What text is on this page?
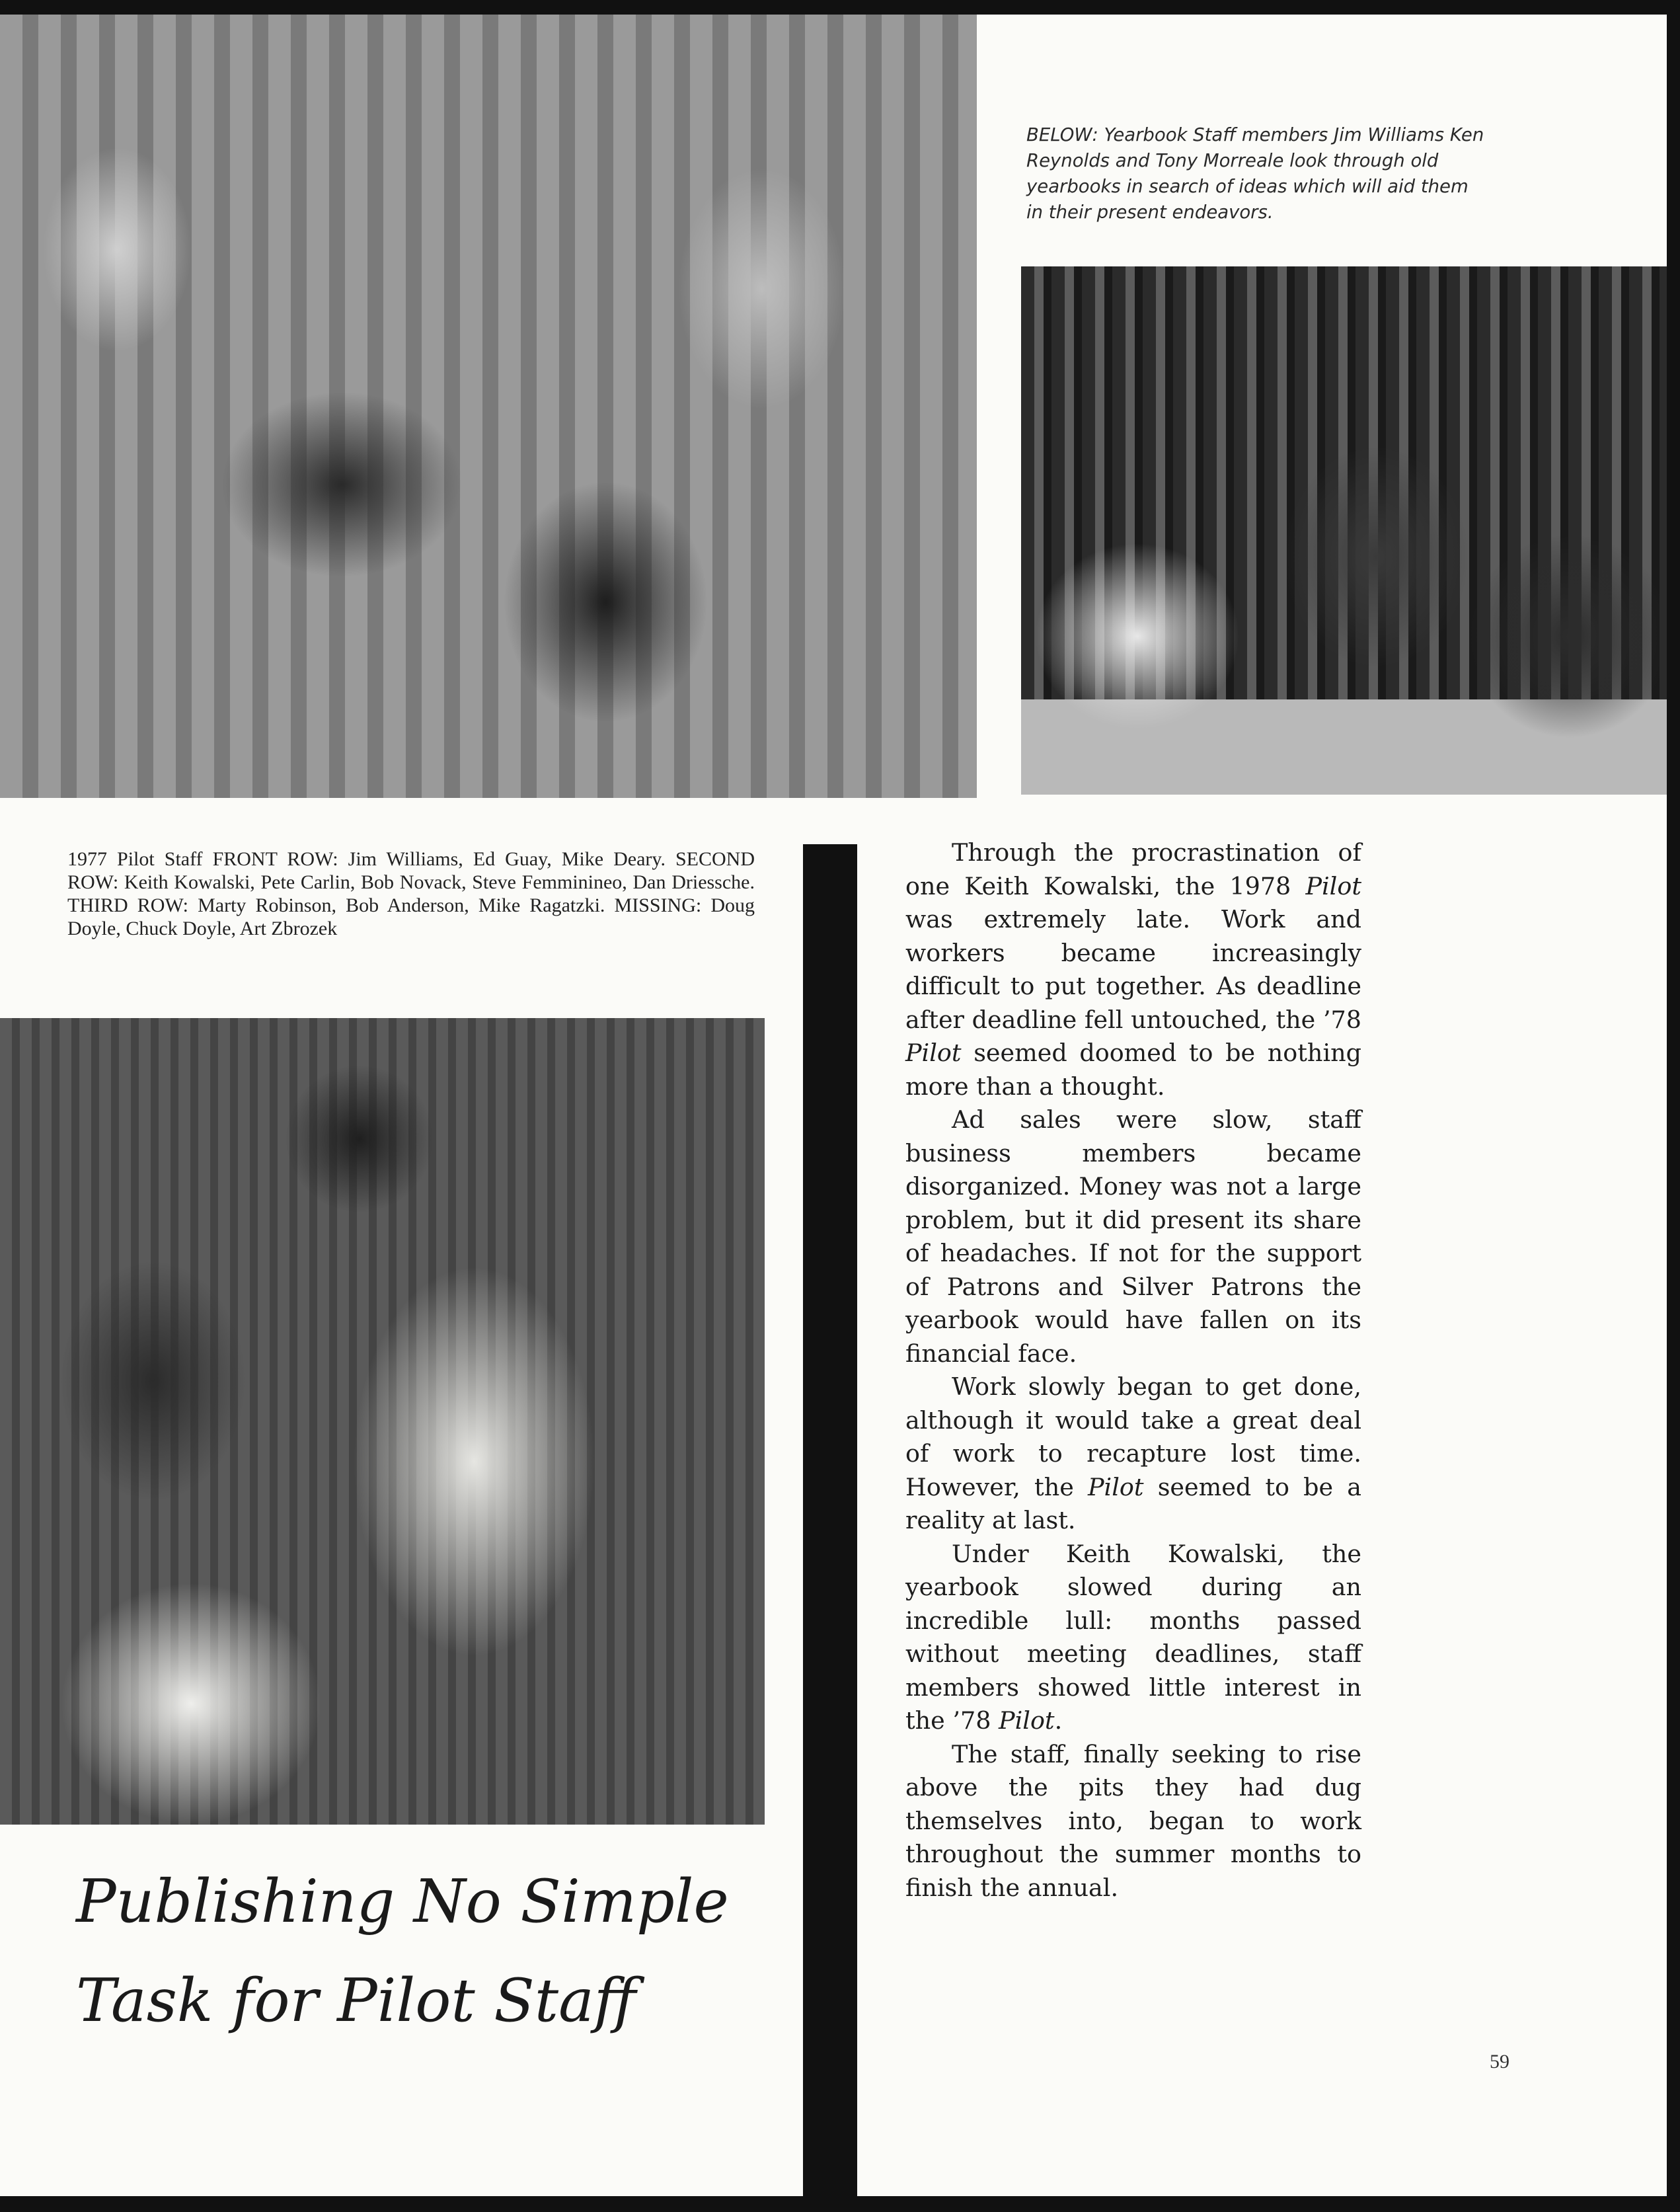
BELOW: Yearbook Staff members Jim Williams Ken Reynolds and Tony Morreale look through old yearbooks in search of ideas which will aid them in their present endeavors.
1977 Pilot Staff FRONT ROW: Jim Williams, Ed Guay, Mike Deary. SECOND ROW: Keith Kowalski, Pete Carlin, Bob Novack, Steve Femminineo, Dan Driessche. THIRD ROW: Marty Robinson, Bob Anderson, Mike Ragatzki. MISSING: Doug Doyle, Chuck Doyle, Art Zbrozek

Through the procrastination of one Keith Kowalski, the 1978 Pilot was extremely late. Work and workers became increasingly difficult to put together. As deadline after deadline fell untouched, the ’78 Pilot seemed doomed to be nothing more than a thought.

Ad sales were slow, staff business members became disorganized. Money was not a large problem, but it did present its share of headaches. If not for the support of Patrons and Silver Patrons the yearbook would have fallen on its financial face.

Work slowly began to get done, although it would take a great deal of work to recapture lost time. However, the Pilot seemed to be a reality at last.

Under Keith Kowalski, the yearbook slowed during an incredible lull: months passed without meeting deadlines, staff members showed little interest in the ’78 Pilot.

The staff, finally seeking to rise above the pits they had dug themselves into, began to work throughout the summer months to finish the annual.

Publishing No Simple
Task for Pilot Staff
59
